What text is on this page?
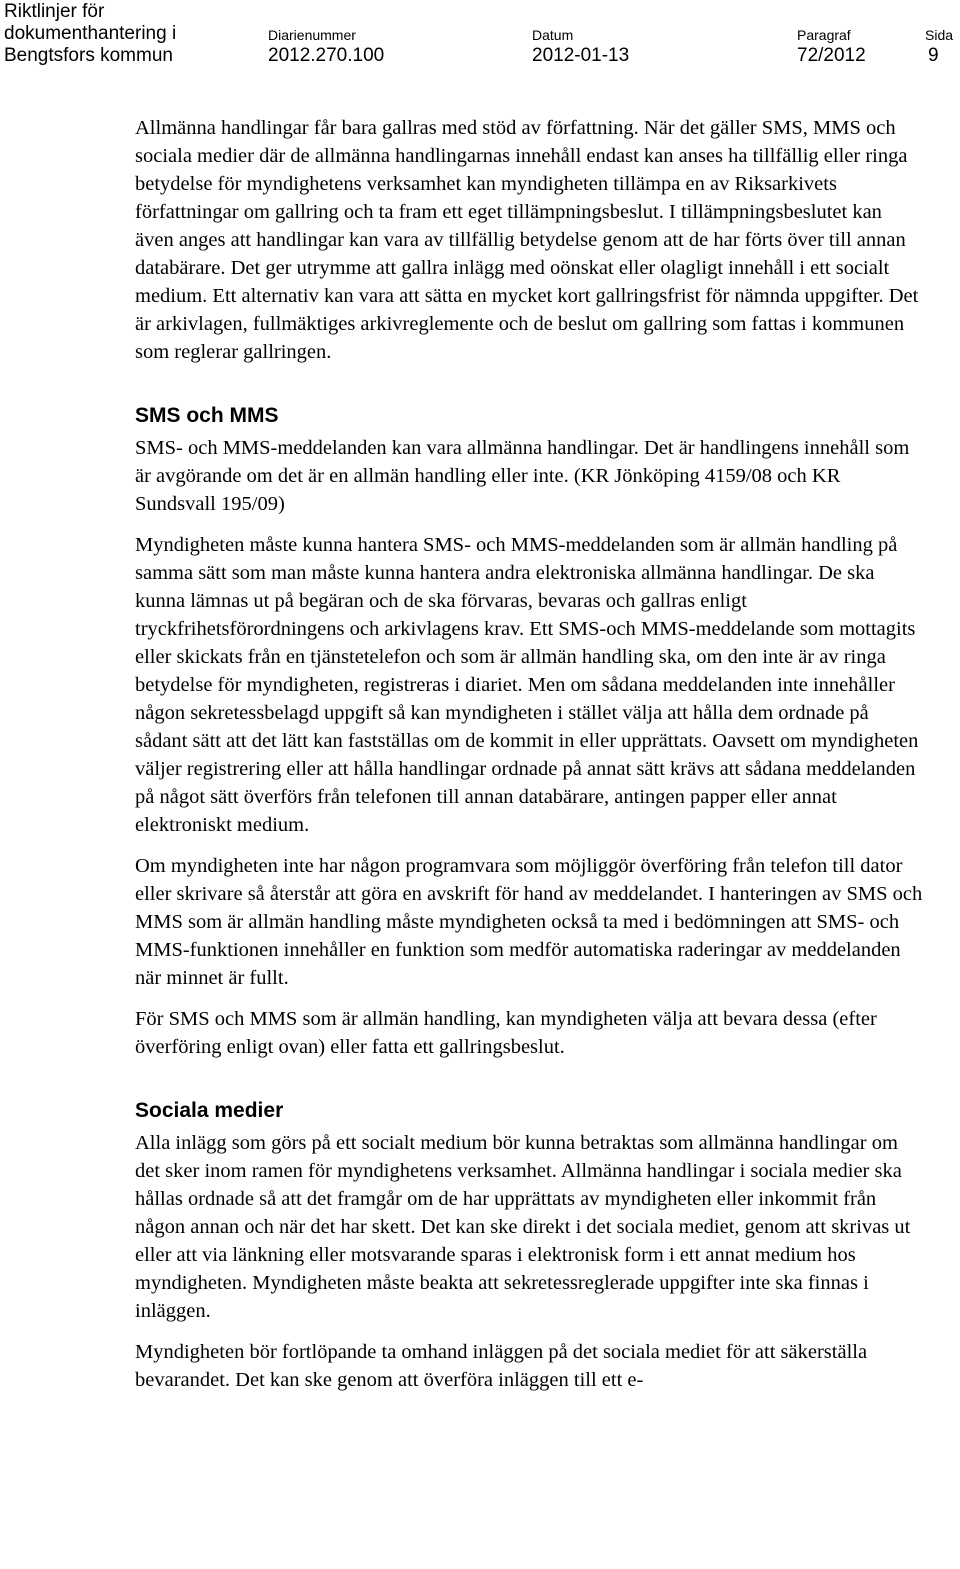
Riktlinjer för
dokumenthantering i
Bengtsfors kommun
Diarienummer
2012.270.100
Datum
2012-01-13
Paragraf
72/2012
Sida
9

Allmänna handlingar får bara gallras med stöd av författning. När det gäller SMS, MMS och sociala medier där de allmänna handlingarnas innehåll endast kan anses ha tillfällig eller ringa betydelse för myndighetens verksamhet kan myndigheten tillämpa en av Riksarkivets författningar om gallring och ta fram ett eget tillämpningsbeslut. I tillämpningsbeslutet kan även anges att handlingar kan vara av tillfällig betydelse genom att de har förts över till annan databärare. Det ger utrymme att gallra inlägg med oönskat eller olagligt innehåll i ett socialt medium. Ett alternativ kan vara att sätta en mycket kort gallringsfrist för nämnda uppgifter. Det är arkivlagen, fullmäktiges arkivreglemente och de beslut om gallring som fattas i kommunen som reglerar gallringen.

SMS och MMS

SMS- och MMS-meddelanden kan vara allmänna handlingar. Det är handlingens innehåll som är avgörande om det är en allmän handling eller inte. (KR Jönköping 4159/08 och KR Sundsvall 195/09)

Myndigheten måste kunna hantera SMS- och MMS-meddelanden som är allmän handling på samma sätt som man måste kunna hantera andra elektroniska allmänna handlingar. De ska kunna lämnas ut på begäran och de ska förvaras, bevaras och gallras enligt tryckfrihetsförordningens och arkivlagens krav. Ett SMS-och MMS-meddelande som mottagits eller skickats från en tjänstetelefon och som är allmän handling ska, om den inte är av ringa betydelse för myndigheten, registreras i diariet. Men om sådana meddelanden inte innehåller någon sekretessbelagd uppgift så kan myndigheten i stället välja att hålla dem ordnade på sådant sätt att det lätt kan fastställas om de kommit in eller upprättats. Oavsett om myndigheten väljer registrering eller att hålla handlingar ordnade på annat sätt krävs att sådana meddelanden på något sätt överförs från telefonen till annan databärare, antingen papper eller annat elektroniskt medium.

Om myndigheten inte har någon programvara som möjliggör överföring från telefon till dator eller skrivare så återstår att göra en avskrift för hand av meddelandet. I hanteringen av SMS och MMS som är allmän handling måste myndigheten också ta med i bedömningen att SMS- och MMS-funktionen innehåller en funktion som medför automatiska raderingar av meddelanden när minnet är fullt.

För SMS och MMS som är allmän handling, kan myndigheten välja att bevara dessa (efter överföring enligt ovan) eller fatta ett gallringsbeslut.

Sociala medier

Alla inlägg som görs på ett socialt medium bör kunna betraktas som allmänna handlingar om det sker inom ramen för myndighetens verksamhet. Allmänna handlingar i sociala medier ska hållas ordnade så att det framgår om de har upprättats av myndigheten eller inkommit från någon annan och när det har skett. Det kan ske direkt i det sociala mediet, genom att skrivas ut eller att via länkning eller motsvarande sparas i elektronisk form i ett annat medium hos myndigheten. Myndigheten måste beakta att sekretessreglerade uppgifter inte ska finnas i inläggen.

Myndigheten bör fortlöpande ta omhand inläggen på det sociala mediet för att säkerställa bevarandet. Det kan ske genom att överföra inläggen till ett e-
